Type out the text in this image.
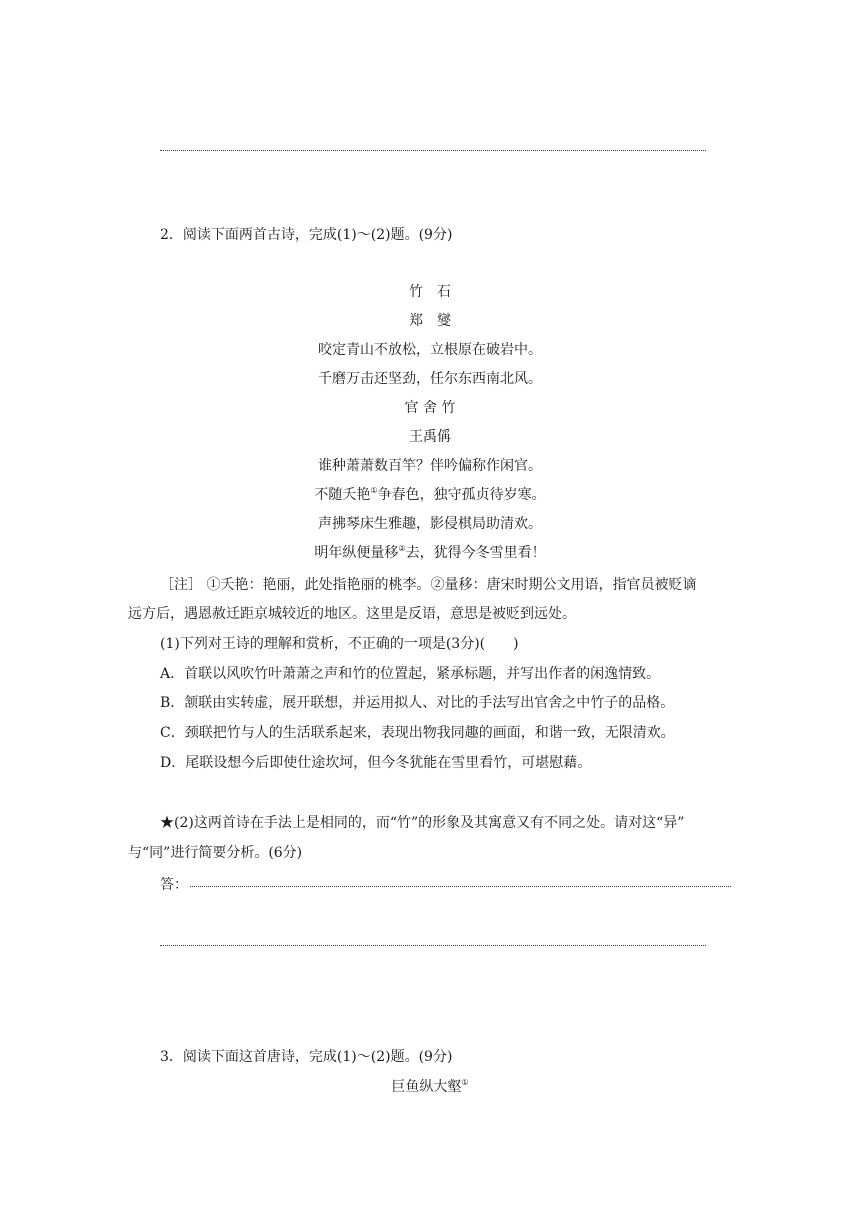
2．阅读下面两首古诗，完成(1)～(2)题。(9分)
竹　石
郑　燮
咬定青山不放松，立根原在破岩中。
千磨万击还坚劲，任尔东西南北风。
官 舍 竹
王禹偁
谁种萧萧数百竿？伴吟偏称作闲官。
不随夭艳①争春色，独守孤贞待岁寒。
声拂琴床生雅趣，影侵棋局助清欢。
明年纵便量移②去，犹得今冬雪里看！
［注］ ①夭艳：艳丽，此处指艳丽的桃李。②量移：唐宋时期公文用语，指官员被贬谪
远方后，遇恩赦迁距京城较近的地区。这里是反语，意思是被贬到远处。
(1)下列对王诗的理解和赏析，不正确的一项是(3分)(　　)
A．首联以风吹竹叶萧萧之声和竹的位置起，紧承标题，并写出作者的闲逸情致。
B．颔联由实转虚，展开联想，并运用拟人、对比的手法写出官舍之中竹子的品格。
C．颈联把竹与人的生活联系起来，表现出物我同趣的画面，和谐一致，无限清欢。
D．尾联设想今后即使仕途坎坷，但今冬犹能在雪里看竹，可堪慰藉。
★(2)这两首诗在手法上是相同的，而“竹”的形象及其寓意又有不同之处。请对这“异”
与“同”进行简要分析。(6分)
答：
3．阅读下面这首唐诗，完成(1)～(2)题。(9分)
巨鱼纵大壑①
